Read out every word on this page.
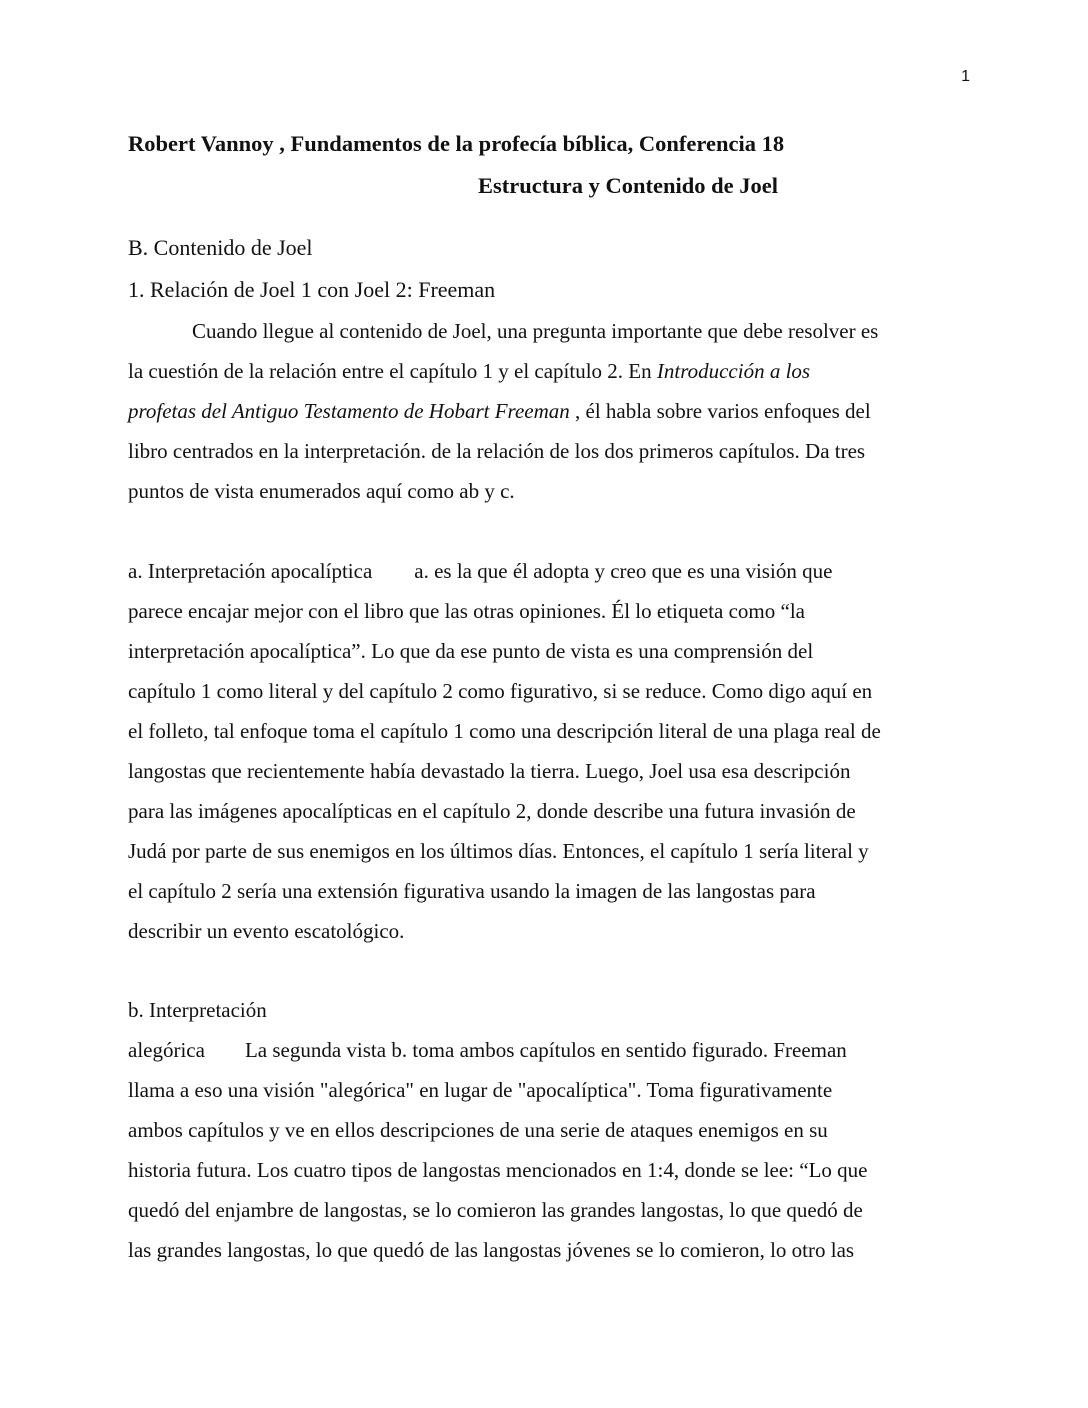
1
Robert Vannoy , Fundamentos de la profecía bíblica, Conferencia 18
Estructura y Contenido de Joel
B. Contenido de Joel
1. Relación de Joel 1 con Joel 2: Freeman
Cuando llegue al contenido de Joel, una pregunta importante que debe resolver es
la cuestión de la relación entre el capítulo 1 y el capítulo 2. En Introducción a los
profetas del Antiguo Testamento de Hobart Freeman , él habla sobre varios enfoques del
libro centrados en la interpretación. de la relación de los dos primeros capítulos. Da tres
puntos de vista enumerados aquí como ab y c.
a. Interpretación apocalíptica a. es la que él adopta y creo que es una visión que
parece encajar mejor con el libro que las otras opiniones. Él lo etiqueta como “la
interpretación apocalíptica”. Lo que da ese punto de vista es una comprensión del
capítulo 1 como literal y del capítulo 2 como figurativo, si se reduce. Como digo aquí en
el folleto, tal enfoque toma el capítulo 1 como una descripción literal de una plaga real de
langostas que recientemente había devastado la tierra. Luego, Joel usa esa descripción
para las imágenes apocalípticas en el capítulo 2, donde describe una futura invasión de
Judá por parte de sus enemigos en los últimos días. Entonces, el capítulo 1 sería literal y
el capítulo 2 sería una extensión figurativa usando la imagen de las langostas para
describir un evento escatológico.
b. Interpretación
alegórica La segunda vista b. toma ambos capítulos en sentido figurado. Freeman
llama a eso una visión "alegórica" en lugar de "apocalíptica". Toma figurativamente
ambos capítulos y ve en ellos descripciones de una serie de ataques enemigos en su
historia futura. Los cuatro tipos de langostas mencionados en 1:4, donde se lee: “Lo que
quedó del enjambre de langostas, se lo comieron las grandes langostas, lo que quedó de
las grandes langostas, lo que quedó de las langostas jóvenes se lo comieron, lo otro las
